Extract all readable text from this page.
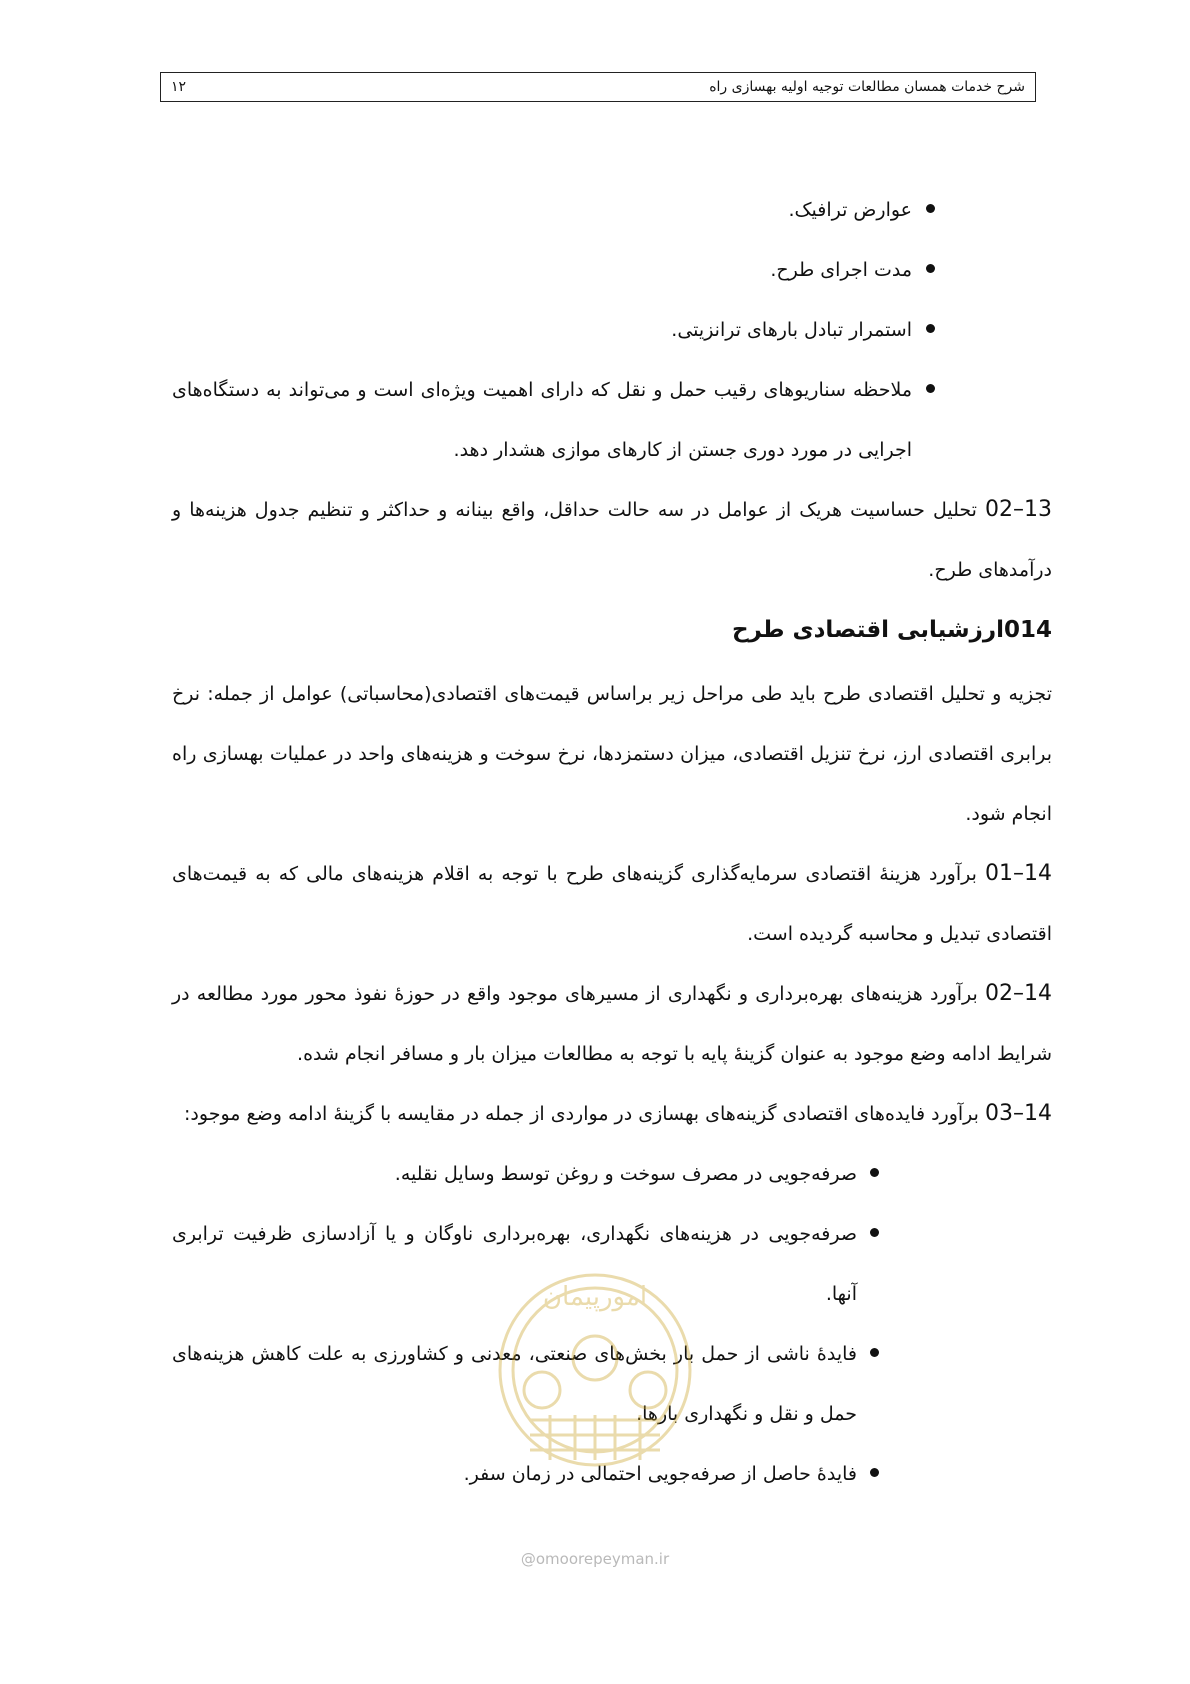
۱۲	شرح خدمات همسان مطالعات توجیه اولیه بهسازی راه
عوارض ترافیک.
مدت اجرای طرح.
استمرار تبادل بارهای ترانزیتی.
ملاحظه سناریوهای رقیب حمل و نقل که دارای اهمیت ویژه‌ای است و می‌تواند به دستگاه‌های اجرایی در مورد دوری جستن از کارهای موازی هشدار دهد.

13–02 تحلیل حساسیت هریک از عوامل در سه حالت حداقل، واقع بینانه و حداکثر و تنظیم جدول هزینه‌ها و درآمدهای طرح.

014ارزشیابی اقتصادی طرح

تجزیه و تحلیل اقتصادی طرح باید طی مراحل زیر براساس قیمت‌های اقتصادی(محاسباتی) عوامل از جمله: نرخ برابری اقتصادی ارز، نرخ تنزیل اقتصادی، میزان دستمزدها، نرخ سوخت و هزینه‌های واحد در عملیات بهسازی راه انجام شود.

14–01 برآورد هزینۀ اقتصادی سرمایه‌گذاری گزینه‌های طرح با توجه به اقلام هزینه‌های مالی که به قیمت‌های اقتصادی تبدیل و محاسبه گردیده است.

14–02 برآورد هزینه‌های بهره‌برداری و نگهداری از مسیرهای موجود واقع در حوزۀ نفوذ محور مورد مطالعه در شرایط ادامه وضع موجود به عنوان گزینۀ پایه با توجه به مطالعات میزان بار و مسافر انجام شده.

14–03 برآورد فایده‌های اقتصادی گزینه‌های بهسازی در مواردی از جمله در مقایسه با گزینۀ ادامه وضع موجود:

صرفه‌جویی در مصرف سوخت و روغن توسط وسایل نقلیه.
صرفه‌جویی در هزینه‌های نگهداری، بهره‌برداری ناوگان و یا آزادسازی ظرفیت ترابری آنها.
فایدۀ ناشی از حمل بار بخش‌های صنعتی، معدنی و کشاورزی به علت کاهش هزینه‌های حمل و نقل و نگهداری بارها.
فایدۀ حاصل از صرفه‌جویی احتمالی در زمان سفر.
امورپیمان
@omoorepeyman.ir
